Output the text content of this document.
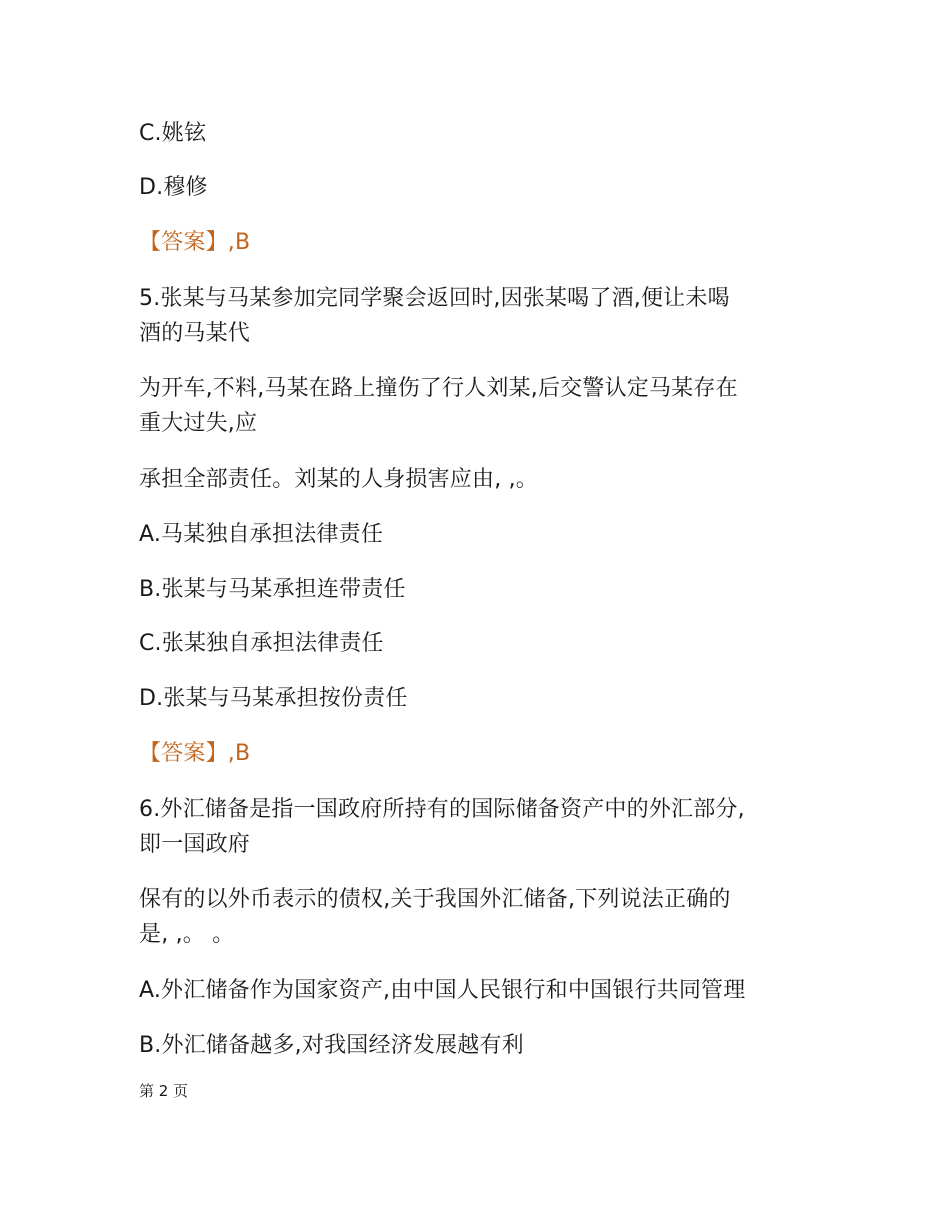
C.姚铉
D.穆修
【答案】,B
5.张某与马某参加完同学聚会返回时,因张某喝了酒,便让未喝
酒的马某代
为开车,不料,马某在路上撞伤了行人刘某,后交警认定马某存在
重大过失,应
承担全部责任。刘某的人身损害应由, ,。
A.马某独自承担法律责任
B.张某与马某承担连带责任
C.张某独自承担法律责任
D.张某与马某承担按份责任
【答案】,B
6.外汇储备是指一国政府所持有的国际储备资产中的外汇部分,
即一国政府
保有的以外币表示的债权,关于我国外汇储备,下列说法正确的
是, ,。 。
A.外汇储备作为国家资产,由中国人民银行和中国银行共同管理
B.外汇储备越多,对我国经济发展越有利
第 2 页
